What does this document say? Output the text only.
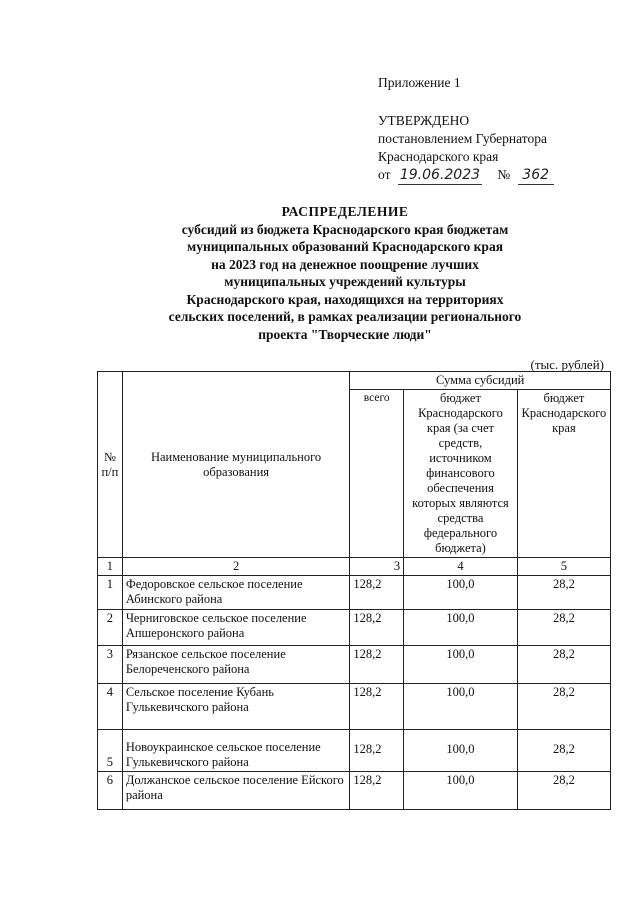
Приложение 1
УТВЕРЖДЕНО
постановлением Губернатора
Краснодарского края
от 19.06.2023 № 362
РАСПРЕДЕЛЕНИЕ
субсидий из бюджета Краснодарского края бюджетам
муниципальных образований Краснодарского края
на 2023 год на денежное поощрение лучших
муниципальных учреждений культуры
Краснодарского края, находящихся на территориях
сельских поселений, в рамках реализации регионального
проекта "Творческие люди"
(тыс. рублей)
№ п/п	Наименование муниципального образования	Сумма субсидий		
		всего	бюджет Краснодарского края (за счет средств, источником финансового обеспечения которых являются средства федерального бюджета)	бюджет Краснодарского края
1	2	3	4	5
1	Федоровское сельское поселение Абинского района	128,2	100,0	28,2
2	Черниговское сельское поселение Апшеронского района	128,2	100,0	28,2
3	Рязанское сельское поселение Белореченского района	128,2	100,0	28,2
4	Сельское поселение Кубань Гулькевичского района	128,2	100,0	28,2
5	Новоукраинское сельское поселение Гулькевичского района	128,2	100,0	28,2
6	Должанское сельское поселение Ейского района	128,2	100,0	28,2
